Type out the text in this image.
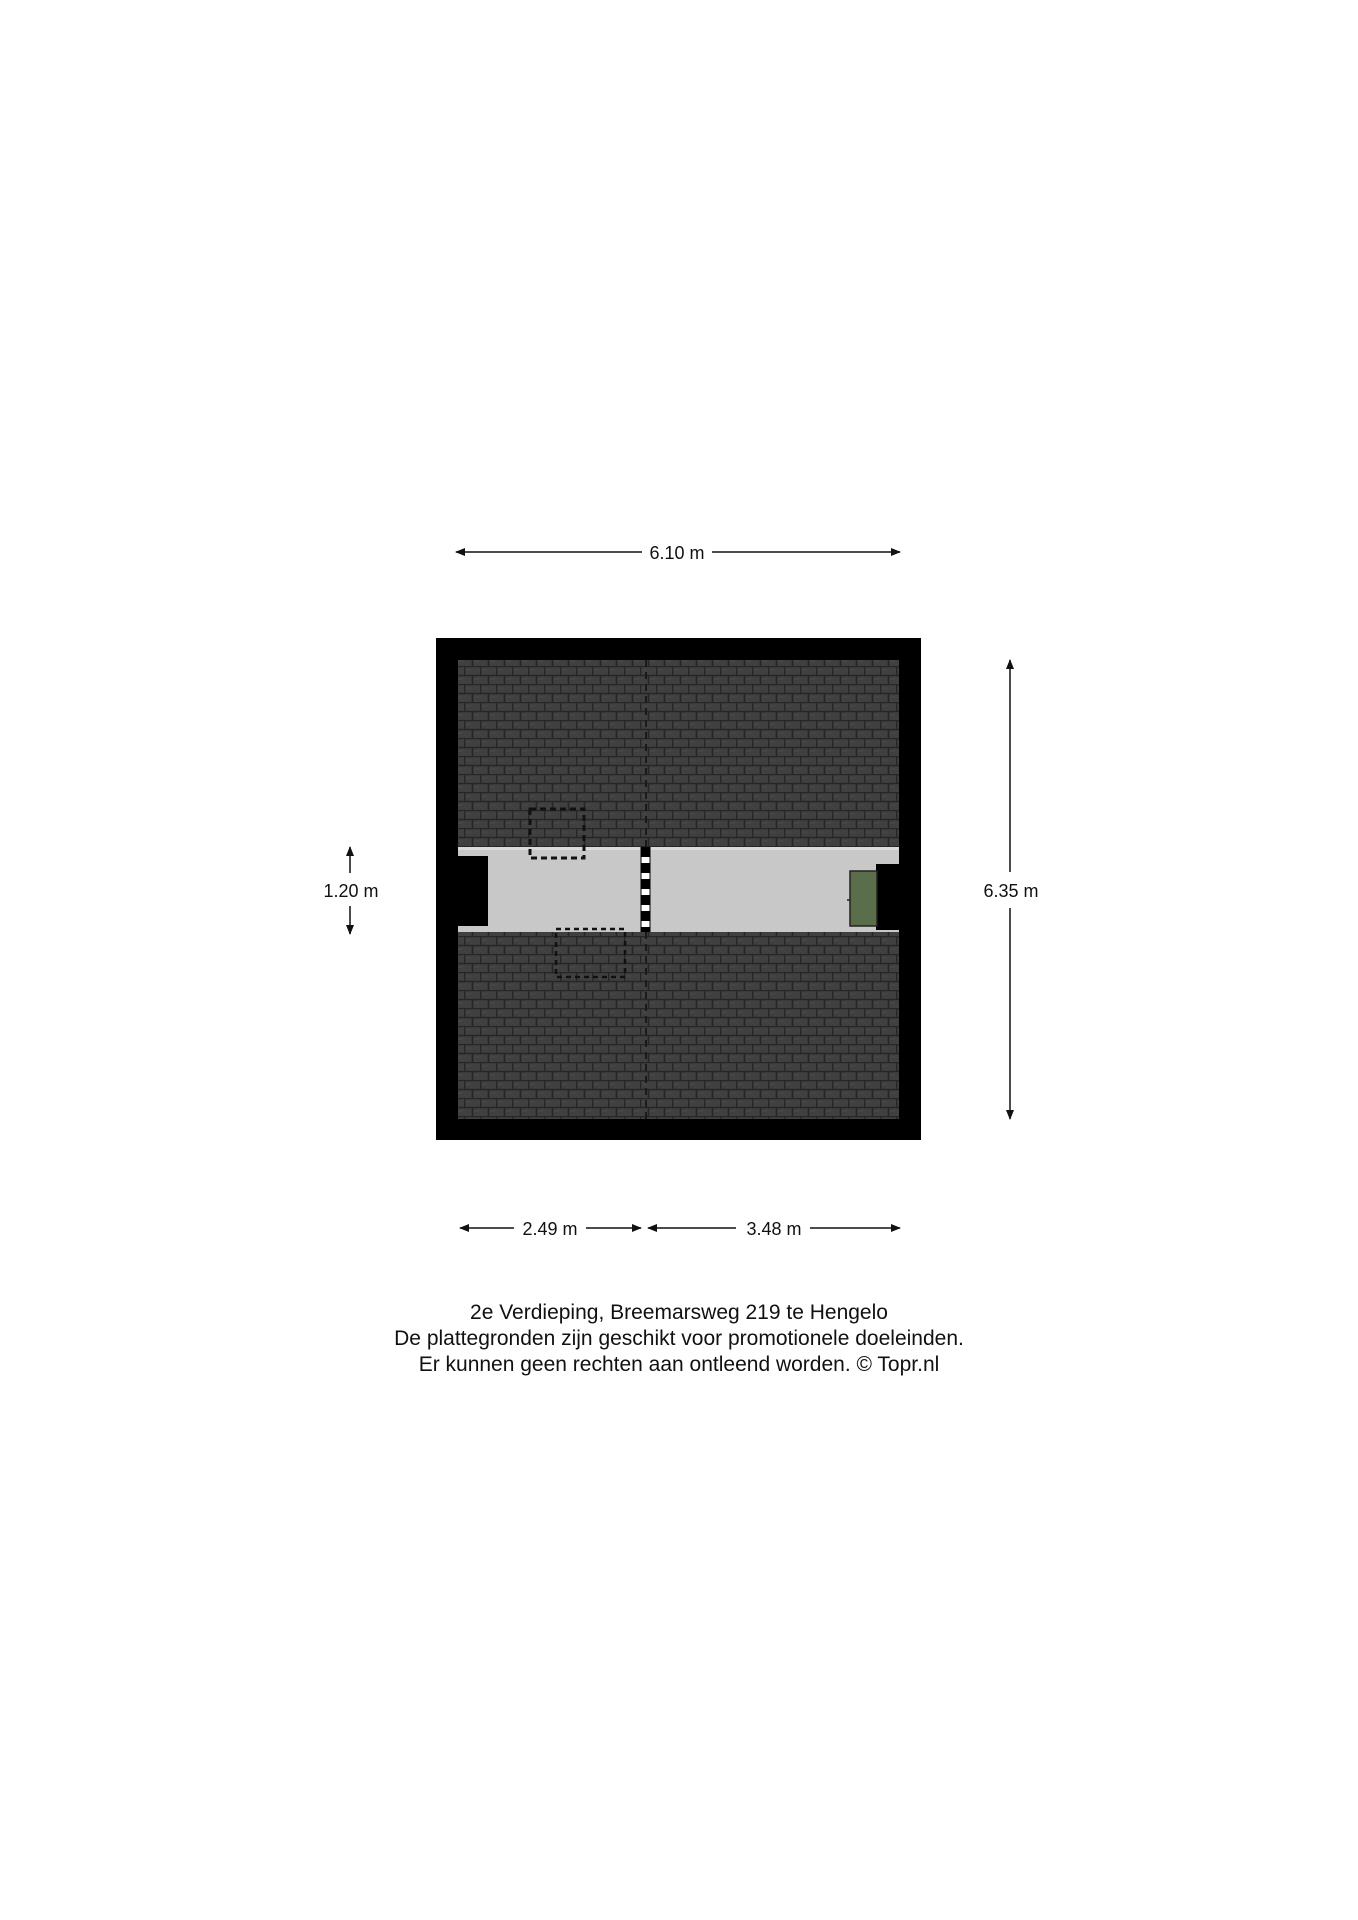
6.10 m
6.35 m
1.20 m
2.49 m	3.48 m
2e Verdieping, Breemarsweg 219 te Hengelo
De plattegronden zijn geschikt voor promotionele doeleinden.
Er kunnen geen rechten aan ontleend worden. © Topr.nl
